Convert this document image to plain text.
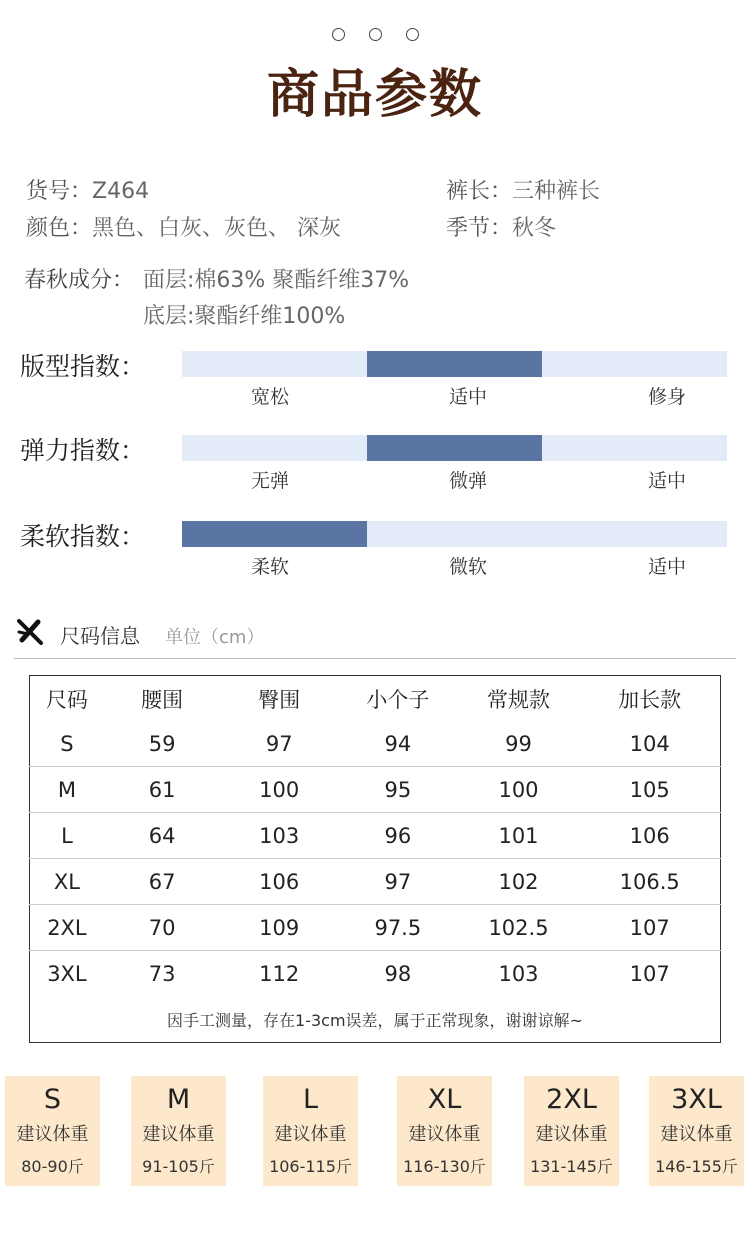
商品参数
货号：Z464	裤长：三种裤长
颜色：黑色、白灰、灰色、 深灰	季节：秋冬
春秋成分： 面层:棉63% 聚酯纤维37%
底层:聚酯纤维100%
版型指数：
宽松	适中	修身
弹力指数：
无弹	微弹	适中
柔软指数：
柔软	微软	适中
尺码信息 单位（cm）
尺码	腰围	臀围	小个子	常规款	加长款
S	59	97	94	99	104
M	61	100	95	100	105
L	64	103	96	101	106
XL	67	106	97	102	106.5
2XL	70	109	97.5	102.5	107
3XL	73	112	98	103	107
因手工测量，存在1-3cm误差，属于正常现象，谢谢谅解~					
S
建议体重
80-90斤
M
建议体重
91-105斤
L
建议体重
106-115斤
XL
建议体重
116-130斤
2XL
建议体重
131-145斤
3XL
建议体重
146-155斤
